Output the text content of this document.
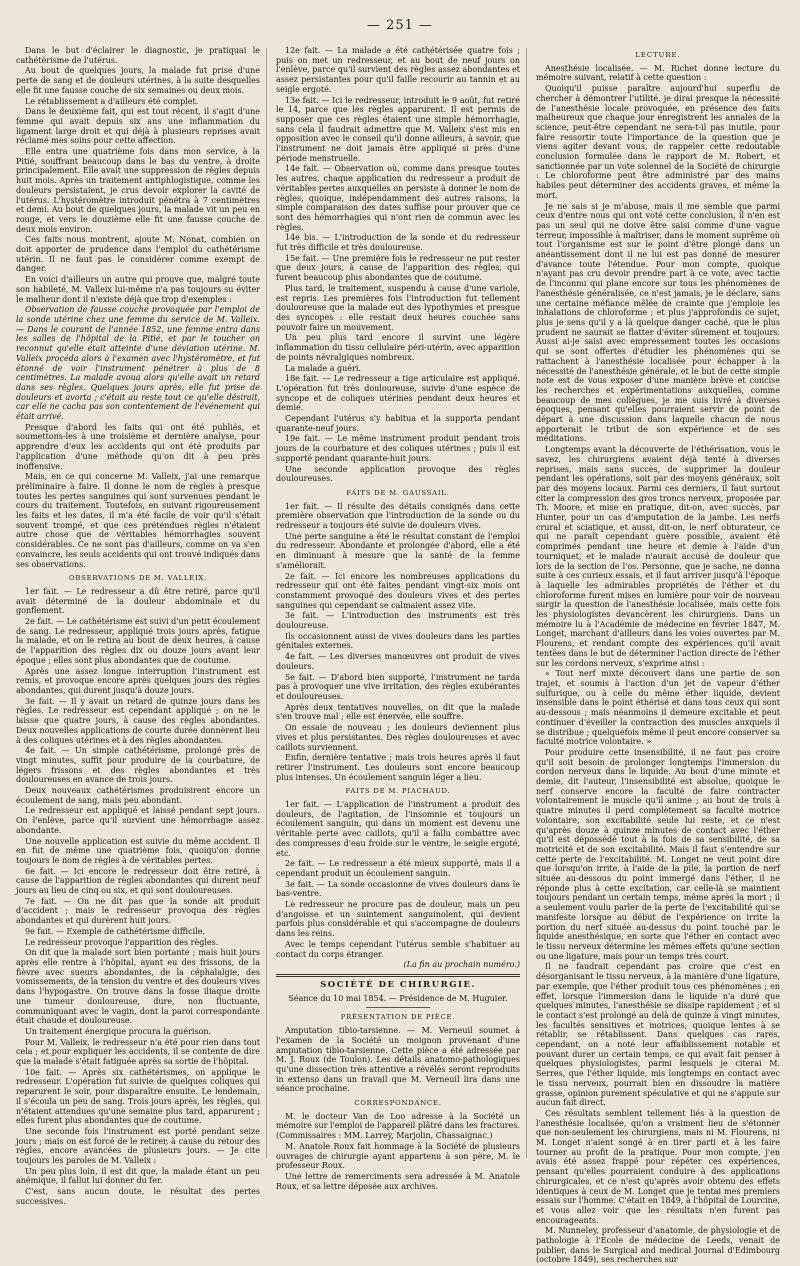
— 251 —

Dans le but d'éclairer le diagnostic, je pratiquai le cathétérisme de l'utérus.

Au bout de quelques jours, la malade fut prise d'une perte de sang et de douleurs utérines, à la suite desquelles elle fit une fausse couche de six semaines ou deux mois.

Le rétablissement a d'ailleurs été complet.

Dans le deuxième fait, qui est tout récent, il s'agit d'une femme qui avait depuis six ans une inflammation du ligament large droit et qui déjà à plusieurs reprises avait réclamé mes soins pour cette affection.

Elle entra une quatrième fois dans mon service, à la Pitié, souffrant beaucoup dans le bas du ventre, à droite principalement. Elle avait une suppression de règles depuis huit mois. Après un traitement antiphlogistique, comme les douleurs persistaient, je crus devoir explorer la cavité de l'utérus. L'hystéromètre introduit pénétra à 7 centimètres et demi. Au bout de quelques jours, la malade vit un peu en rouge, et vers le douzième elle fit une fausse couche de deux mois environ.

Ces faits nous montrent, ajoute M. Nonat, combien on doit apporter de prudence dans l'emploi du cathétérisme utérin. Il ne faut pas le considérer comme exempt de danger.

En voici d'ailleurs un autre qui prouve que, malgré toute son habileté, M. Valleix lui-même n'a pas toujours su éviter le malheur dont il n'existe déjà que trop d'exemples :

Observation de fausse couche provoquée par l'emploi de la sonde utérine chez une femme du service de M. Valleix. — Dans le courant de l'année 1852, une femme entra dans les salles de l'hôpital de la Pitié, et par le toucher on reconnut qu'elle était atteinte d'une déviation utérine. M. Valleix procéda alors à l'examen avec l'hystéromètre, et fut étonné de voir l'instrument pénétrer à plus de 8 centimètres. La malade avoua alors qu'elle avait un retard dans ses règles. Quelques jours après, elle fut prise de douleurs et avorta ; c'était au reste tout ce qu'elle désirait, car elle ne cacha pas son contentement de l'événement qui était arrivé.

Presque d'abord les faits qui ont été publiés, et soumettons-les à une troisième et dernière analyse, pour apprendre d'eux les accidents qui ont été produits par l'application d'une méthode qu'on dit à peu près inoffensive.

Mais, en ce qui concerne M. Valleix, j'ai une remarque préliminaire à faire. Il donne le nom de règles à presque toutes les pertes sanguines qui sont survenues pendant le cours du traitement. Toutefois, en suivant rigoureusement les faits et les dates, il m'a été facile de voir qu'il s'était souvent trompé, et que ces prétendues règles n'étaient autre chose que de véritables hémorrhagies souvent considérables. Ce ne sont pas d'ailleurs, comme on va s'en convaincre, les seuls accidents qui ont trouvé indiqués dans ses observations.

OBSERVATIONS DE M. VALLEIX.

1er fait. — Le redresseur a dû être retiré, parce qu'il avait déterminé de la douleur abdominale et du gonflement.

2e fait. — Le cathétérisme est suivi d'un petit écoulement de sang. Le redresseur, appliqué trois jours après, fatigue la malade, et on le retira au bout de deux heures, à cause de l'apparition des règles dix ou douze jours avant leur époque ; elles sont plus abondantes que de coutume.

Après une assez longue interruption l'instrument est remis, et provoque encore après quelques jours des règles abondantes, qui durent jusqu'à douze jours.

3e fait. — Il y avait un retard de quinze jours dans les règles. Le redresseur est cependant appliqué ; on ne le laisse que quatre jours, à cause des règles abondantes. Deux nouvelles applications de courte durée donnèrent lieu à des coliques utérines et à des règles abondantes.

4e fait. — Un simple cathétérisme, prolongé près de vingt minutes, suffit pour produire de la courbature, de légers frissons et des règles abondantes et très douloureuses en avance de trois jours.

Deux nouveaux cathétérismes produisirent encore un écoulement de sang, mais peu abondant.

Le redresseur est appliqué et laissé pendant sept jours. On l'enlève, parce qu'il survient une hémorrhagie assez abondante.

Une nouvelle application est suivie du même accident. Il en fut de même une quatrième fois, quoiqu'on donne toujours le nom de règles à de véritables pertes.

6e fait. — Ici encore le redresseur doit être retiré, à cause de l'apparition de règles abondantes qui durent neuf jours au lieu de cinq ou six, et qui sont douloureuses.

7e fait. — On ne dit pas que la sonde ait produit d'accident ; mais le redresseur provoqua des règles abondantes et qui durèrent huit jours.

9e fait. — Exemple de cathétérisme difficile.

Le redresseur provoque l'apparition des règles.

On dit que la malade sort bien portante ; mais huit jours après elle rentre à l'hôpital, ayant eu des frissons, de la fièvre avec sueurs abondantes, de la céphalalgie, des vomissements, de la tension du ventre et des douleurs vives dans l'hypogastre. On trouve dans la fosse iliaque droite une tumeur douloureuse, dure, non fluctuante, communiquant avec le vagin, dont la paroi correspondante était chaude et douloureuse.

Un traitement énergique procura la guérison.

Pour M. Valleix, le redresseur n'a été pour rien dans tout cela ; et pour expliquer les accidents, il se contente de dire que la malade s'était fatiguée après sa sortie de l'hôpital.

10e fait. — Après six cathétérismes, on applique le redresseur. L'opération fut suivie de quelques coliques qui reparurent le soir, pour disparaître ensuite. Le lendemain, il s'écoula un peu de sang. Trois jours après, les règles, qui n'étaient attendues qu'une semaine plus tard, apparurent ; elles furent plus abondantes que de coutume.

Une seconde fois l'instrument est porté pendant seize jours ; mais on est forcé de le retirer, à cause du retour des règles, encore avancées de plusieurs jours. — Je cite toujours les paroles de M. Valleix :

Un peu plus loin, il est dit que, la malade étant un peu anémique, il fallut lui donner du fer.

C'est, sans aucun doute, le résultat des pertes successives.

12e fait. — La malade a été cathétérisée quatre fois ; puis on met un redresseur, et au bout de neuf jours on l'enlève, parce qu'il survient des règles assez abondantes et assez persistantes pour qu'il faille recourir au tannin et au seigle ergoté.

13e fait. — Ici le redresseur, introduit le 9 août, fut retiré le 14, parce que les règles apparurent. Il est permis de supposer que ces règles étaient une simple hémorrhagie, sans cela il faudrait admettre que M. Valleix s'est mis en opposition avec le conseil qu'il donne ailleurs, à savoir, que l'instrument ne doit jamais être appliqué si près d'une période menstruelle.

14e fait. — Observation où, comme dans presque toutes les autres, chaque application du redresseur a produit de véritables pertes auxquelles on persiste à donner le nom de règles, quoique, indépendamment des autres raisons, la simple comparaison des dates suffise pour prouver que ce sont des hémorrhagies qui n'ont rien de commun avec les règles.

14e bis. — L'introduction de la sonde et du redresseur fut très difficile et très douloureuse.

15e fait. — Une première fois le redresseur ne put rester que deux jours, à cause de l'apparition des règles, qui furent beaucoup plus abondantes que de coutume.

Plus tard, le traitement, suspendu à cause d'une variole, est repris. Les premières fois l'introduction fut tellement douloureuse que la malade eut des lypothymies et presque des syncopes : elle restait deux heures couchée sans pouvoir faire un mouvement.

Un peu plus tard encore il survint une légère inflammation du tissu cellulaire péri-utérin, avec apparition de points névralgiques nombreux.

La malade a guéri.

18e fait. — Le redresseur a tige articulaire est appliqué. L'opération fut très douloureuse, suivie d'une espèce de syncope et de coliques utérines pendant deux heures et demie.

Cependant l'utérus s'y habitua et la supporta pendant quarante-neuf jours.

19e fait. — Le même instrument produit pendant trois jours de la courbature et des coliques utérines ; puis il est supporté pendant quarante-huit jours.

Une seconde application provoque des règles douloureuses.

FAITS DE M. GAUSSAIL.

1er fait. — Il résulte des détails consignés dans cette première observation que l'introduction de la sonde ou du redresseur a toujours été suivie de douleurs vives.

Une perte sanguine a été le résultat constant de l'emploi du redresseur. Abondante et prolongée d'abord, elle a été en diminuant à mesure que la santé de la femme s'améliorait.

2e fait. — Ici encore les nombreuses applications du redresseur qui ont été faites pendant vingt-six mois ont constamment provoqué des douleurs vives et des pertes sanguines qui cependant se calmaient assez vite.

3e fait. — L'introduction des instruments est très douloureuse.

Ils occasionnent aussi de vives douleurs dans les parties génitales externes.

4e fait. — Les diverses manœuvres ont produit de vives douleurs.

5e fait. — D'abord bien supporté, l'instrument ne tarda pas à provoquer une vive irritation, des règles exubérantes et douloureuses.

Après deux tentatives nouvelles, on dit que la malade s'en trouve mal ; elle est énervée, elle souffre.

On essaie de nouveau ; les douleurs deviennent plus vives et plus persistantes. Des règles douloureuses et avec caillots surviennent.

Enfin, dernière tentative ; mais trois heures après il faut retirer l'instrument. Les douleurs sont encore beaucoup plus intenses. Un écoulement sanguin léger a lieu.

FAITS DE M. PIACHAUD.

1er fait. — L'application de l'instrument a produit des douleurs, de l'agitation, de l'insomnie et toujours un écoulement sanguin, qui dans un moment est devenu une véritable perte avec caillots, qu'il a fallu combattre avec des compresses d'eau froide sur le ventre, le seigle ergoté, etc.

2e fait. — Le redresseur a été mieux supporté, mais il a cependant produit un écoulement sanguin.

3e fait. — La sonde occasionne de vives douleurs dans le bas-ventre.

Le redresseur ne procure pas de douleur, mais un peu d'angoisse et un suintement sanguinolent, qui devient parfois plus considérable et qui s'accompagne de douleurs dans les reins.

Avec le temps cependant l'utérus semble s'habituer au contact du corps étranger.

(La fin au prochain numéro.)

SOCIÉTÉ DE CHIRURGIE.

Séance du 10 mai 1854. — Présidence de M. Huguier.

PRÉSENTATION DE PIÈCE.

Amputation tibio-tarsienne. — M. Verneuil soumet à l'examen de la Société un moignon provenant d'une amputation tibio-tarsienne. Cette pièce a été adressée par M. J. Roux (de Toulon). Les détails anatomo-pathologiques qu'une dissection très attentive a révélés seront reproduits in extenso dans un travail que M. Verneuil lira dans une séance prochaine.

CORRESPONDANCE.

M. le docteur Van de Loo adresse à la Société un mémoire sur l'emploi de l'appareil plâtré dans les fractures. (Commissaires : MM. Larrey, Marjolin, Chassaignac.)

M. Anatole Roux fait hommage à la Société de plusieurs ouvrages de chirurgie ayant appartenu à son père, M. le professeur Roux.

Une lettre de remerciments sera adressée à M. Anatole Roux, et sa lettre déposée aux archives.

LECTURE.

Anesthésie localisée. — M. Richet donne lecture du mémoire suivant, relatif à cette question :

Quoiqu'il puisse paraître aujourd'hui superflu de chercher à démontrer l'utilité, je dirai presque la nécessité de l'anesthésie locale provoquée, en présence des faits malheureux que chaque jour enregistrent les annales de la science, peut-être cependant ne sera-t-il pas inutile, pour faire ressortir toute l'importance de la question que je viens agiter devant vous, de rappeler cette redoutable conclusion formulée dans le rapport de M. Robert, et sanctionnée par un vote solennel de la Société de chirurgie : Le chloroforme peut être administré par des mains habiles peut déterminer des accidents graves, et même la mort.

Je ne sais si je m'abuse, mais il me semble que parmi ceux d'entre nous qui ont voté cette conclusion, il n'en est pas un seul qui ne doive être saisi comme d'une vague terreur, impossible à maîtriser, dans le moment suprême où tout l'organisme est sur le point d'être plongé dans un anéantissement dont il ne lui est pas donné de mesurer d'avance toute l'étendue. Pour mon compte, quoique n'ayant pas cru devoir prendre part à ce vote, avec tactie de l'inconnu qui plane encore sur tous les phénomènes de l'anesthésie généralisée, ce n'est jamais, je le déclare, sans une certaine méfiance mêlée de crainte que j'emploie les inhalations de chloroforme ; et plus j'approfondis ce sujet, plus je sens qu'il y a là quelque danger caché, que le plus prudent ne saurait se flatter d'éviter sûrement et toujours. Aussi ai-je saisi avec empressement toutes les occasions qui se sont offertes d'étudier les phénomènes qui se rattachent à l'anesthésie localisée pour échapper à la nécessité de l'anesthésie générale, et le but de cette simple note est de vous exposer d'une manière brève et concise les recherches et expérimentations auxquelles, comme beaucoup de mes collègues, je me suis livré à diverses époques, pensant qu'elles pourraient servir de point de départ à une discussion dans laquelle chacun de nous apporterait le tribut de son expérience et de ses méditations.

Longtemps avant la découverte de l'éthérisation, vous le savez, les chirurgiens avaient déjà tenté à diverses reprises, mais sans succès, de supprimer la douleur pendant les opérations, soit par des moyens généraux, soit par des moyens locaux. Parmi ces derniers, il faut surtout citer la compression des gros troncs nerveux, proposée par Th. Moore, et mise en pratique, dit-on, avec succès, par Hunter, pour un cas d'amputation de la jambe. Les nerfs crural et sciatique, et aussi, dit-on, le nerf obturateur, ce qui ne paraît cependant guère possible, avaient été comprimés pendant une heure et demie à l'aide d'un tourniquet, et le malade n'aurait accusé de douleur que lors de la section de l'os. Personne, que je sache, ne donna suite à ces curieux essais, et il faut arriver jusqu'à l'époque à laquelle les admirables propriétés de l'éther et du chloroforme furent mises en lumière pour voir de nouveau surgir la question de l'anesthésie localisée, mais cette fois les physiologistes devancèrent les chirurgiens. Dans un mémoire lu à l'Académie de médecine en février 1847, M. Longet, marchant d'ailleurs dans les voies ouvertes par M. Flourens, et rendant compte des expériences qu'il avait tentées dans le but de déterminer l'action directe de l'éther sur les cordons nerveux, s'exprime ainsi :

« Tout nerf mixte découvert dans une partie de son trajet, et soumis à l'action d'un jet de vapeur d'éther sulfurique, ou à celle du même éther liquide, devient insensible dans le point éthérisé et dans tous ceux qui sont au-dessous ; mais néanmoins il demeure excitable et peut continuer d'éveiller la contraction des muscles auxquels il se distribue ; quelquefois même il peut encore conserver sa faculté motrice volontaire. »

Pour produire cette insensibilité, il ne faut pas croire qu'il soit besoin de prolonger longtemps l'immersion du cordon nerveux dans le liquide. Au bout d'une minute et demie, dit l'auteur, l'insensibilité est absolue, quoique le nerf conserve encore la faculté de faire contracter volontairement le muscle qu'il anime ; au bout de trois à quatre minutes il perd complètement sa faculté motrice volontaire, son excitabilité seule lui reste, et ce n'est qu'après douze à quinze minutes de contact avec l'éther qu'il est dépossédé tout à la fois de sa sensibilité, de sa motricité et de son excitabilité. Mais il faut s'entendre sur cette perte de l'excitabilité. M. Longet ne veut point dire que lorsqu'on irrite, à l'aide de la pile, la portion de nerf située au-dessous du point immergé dans l'éther, il ne réponde plus à cette excitation, car celle-là se maintient toujours pendant un certain temps, même après la mort ; il a seulement voulu parler de la perte de l'excitabilité qui se manifeste lorsque au début de l'expérience on irrite la portion du nerf située au-dessus du point touché par le liquide anesthésique, en sorte que l'éther en contact avec le tissu nerveux détermine les mêmes effets qu'une section ou une ligature, mais pour un temps très court.

Il ne faudrait cependant pas croire que c'est en désorganisant le tissu nerveux, à la manière d'une ligature, par exemple, que l'éther produit tous ces phénomènes ; en effet, lorsque l'immersion dans le liquide n'a duré que quelques minutes, l'anesthésie se dissipe rapidement ; et si le contact s'est prolongé au delà de quinze à vingt minutes, les facultés sensitives et motrices, quoique lentes à se rétablir, se rétablissent. Dans quelques cas rares, cependant, on a noté leur affaiblissement notable et pouvant durer un certain temps, ce qui avait fait penser à quelques physiologistes, parmi lesquels je citerai M. Serres, que l'éther liquide, mis longtemps en contact avec le tissu nerveux, pourrait bien en dissoudre la matière grasse, opinion purement spéculative et qui ne s'appuie sur aucun fait direct.

Ces résultats semblent tellement liés à la question de l'anesthésie localisée, qu'on a vraiment lieu de s'étonner que non-seulement les chirurgiens, mais ni M. Flourens, ni M. Longet n'aient songé à en tirer parti et à les faire tourner au profit de la pratique. Pour mon compte, j'en avais été assez frappé pour répéter ces expériences, pensant qu'elles pourraient conduire à des applications chirurgicales, et ce n'est qu'après avoir obtenu des effets identiques à ceux de M. Longet que je tentai mes premiers essais sur l'homme. C'était en 1849, à l'hôpital de Lourcine, et vous allez voir que les résultats n'en furent pas encourageants.

M. Nunneley, professeur d'anatomie, de physiologie et de pathologie à l'École de médecine de Leeds, venait de publier, dans le Surgical and medical Journal d'Edimbourg (octobre 1849), ses recherches sur
